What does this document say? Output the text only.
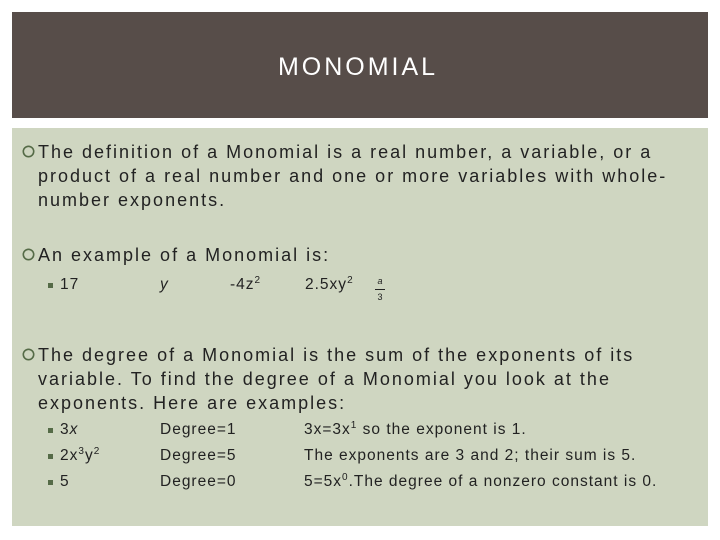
MONOMIAL
The definition of a Monomial is a real number, a variable, or a
product of a real number and one or more variables with whole-
number exponents.
An example of a Monomial is:
17	y	$-4z^2$	$2.5xy^2$	a
3
The degree of a Monomial is the sum of the exponents of its
variable. To find the degree of a Monomial you look at the
exponents. Here are examples:
3x	Degree=1	$3x=3x^1$ so the exponent is 1.
$2x^3y^2$	Degree=5	The exponents are 3 and 2; their sum is 5.
5	Degree=0	$5=5x^0.The$ degree of a nonzero constant is 0.
